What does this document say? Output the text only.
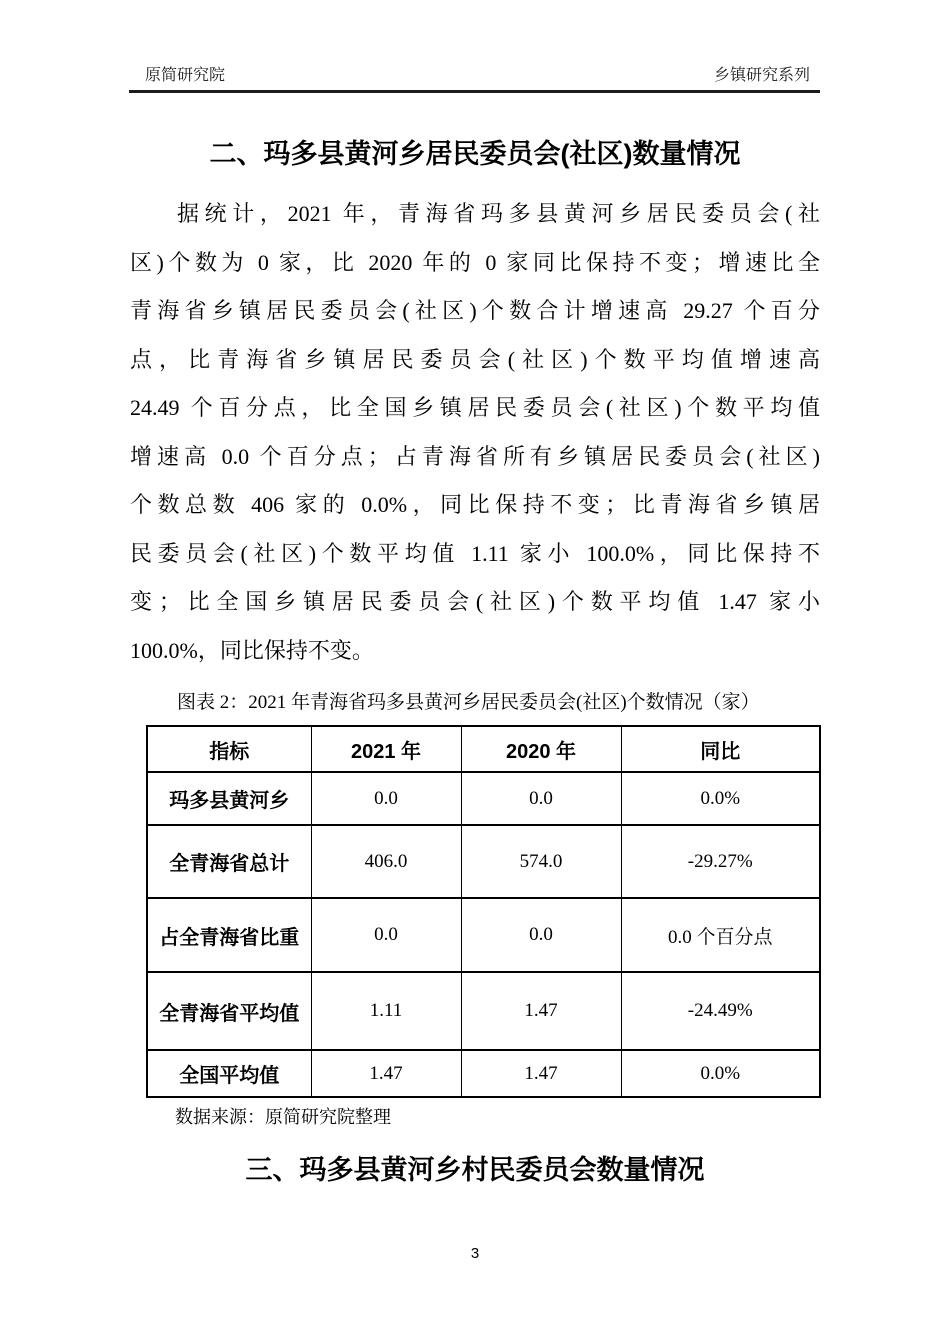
原简研究院	乡镇研究系列
二、玛多县黄河乡居民委员会(社区)数量情况

据统计，2021 年，青海省玛多县黄河乡居民委员会(社

区)个数为 0 家，比 2020 年的 0 家同比保持不变；增速比全

青海省乡镇居民委员会(社区)个数合计增速高 29.27 个百分

点，比青海省乡镇居民委员会(社区)个数平均值增速高

24.49 个百分点，比全国乡镇居民委员会(社区)个数平均值

增速高 0.0 个百分点；占青海省所有乡镇居民委员会(社区)

个数总数 406 家的 0.0%，同比保持不变；比青海省乡镇居

民委员会(社区)个数平均值 1.11 家小 100.0%，同比保持不

变；比全国乡镇居民委员会(社区)个数平均值 1.47 家小

100.0%，同比保持不变。

图表 2：2021 年青海省玛多县黄河乡居民委员会(社区)个数情况（家）
指标	2021 年	2020 年	同比
玛多县黄河乡	0.0	0.0	0.0%
全青海省总计	406.0	574.0	-29.27%
占全青海省比重	0.0	0.0	0.0 个百分点
全青海省平均值	1.11	1.47	-24.49%
全国平均值	1.47	1.47	0.0%
数据来源：原简研究院整理
三、玛多县黄河乡村民委员会数量情况
3
